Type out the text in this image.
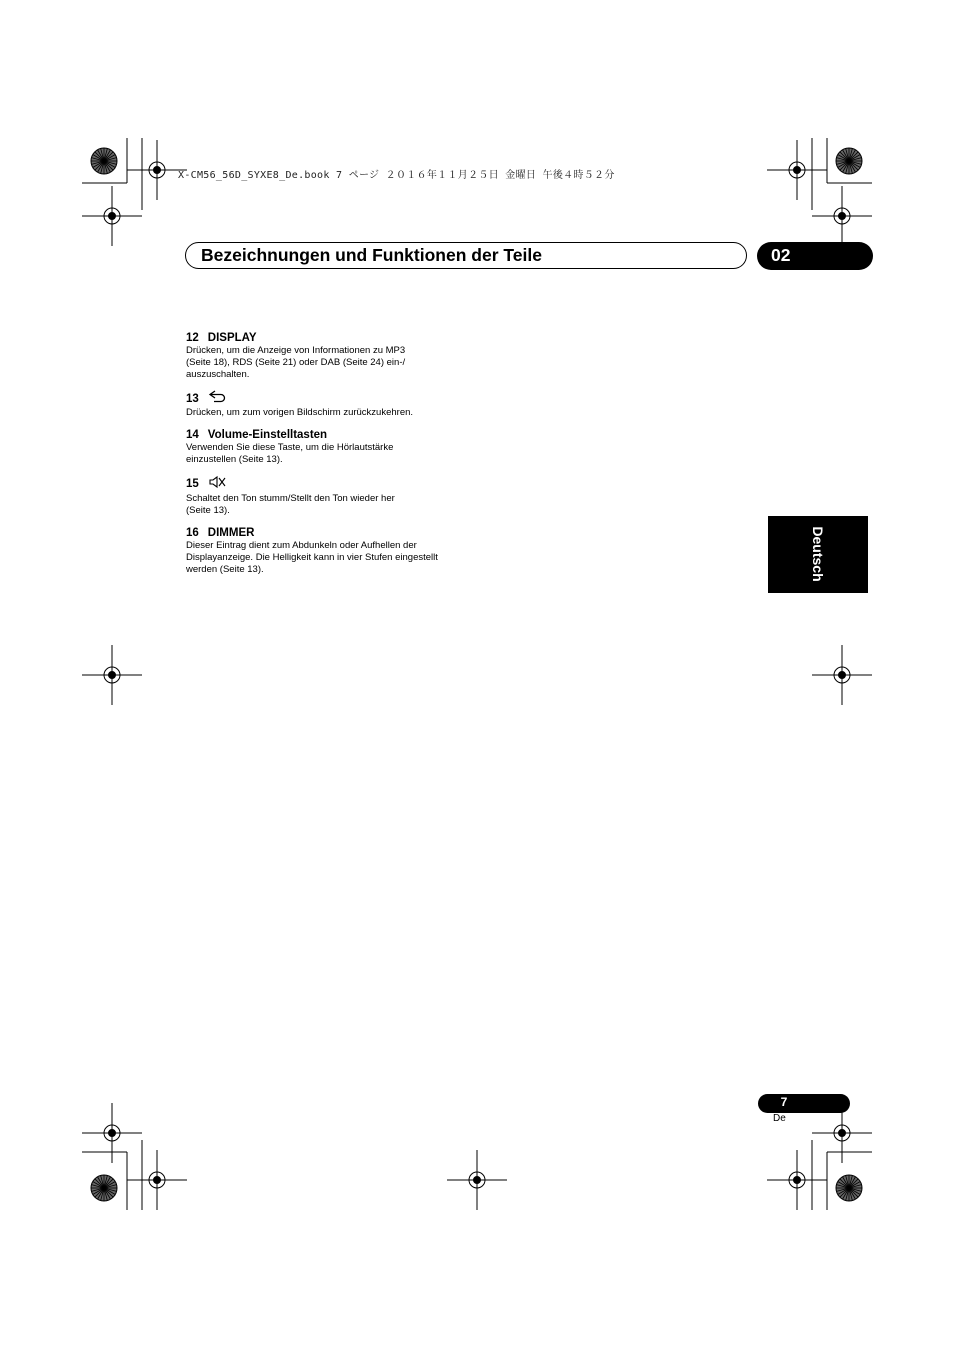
X-CM56_56D_SYXE8_De.book 7 ページ ２０１６年１１月２５日 金曜日 午後４時５２分
Bezeichnungen und Funktionen der Teile	02
Deutsch
12 DISPLAY
Drücken, um die Anzeige von Informationen zu MP3
(Seite 18), RDS (Seite 21) oder DAB (Seite 24) ein-/
auszuschalten.
13
Drücken, um zum vorigen Bildschirm zurückzukehren.
14 Volume-Einstelltasten
Verwenden Sie diese Taste, um die Hörlautstärke
einzustellen (Seite 13).
15
Schaltet den Ton stumm/Stellt den Ton wieder her
(Seite 13).
16 DIMMER
Dieser Eintrag dient zum Abdunkeln oder Aufhellen der
Displayanzeige. Die Helligkeit kann in vier Stufen eingestellt
werden (Seite 13).
7
De
